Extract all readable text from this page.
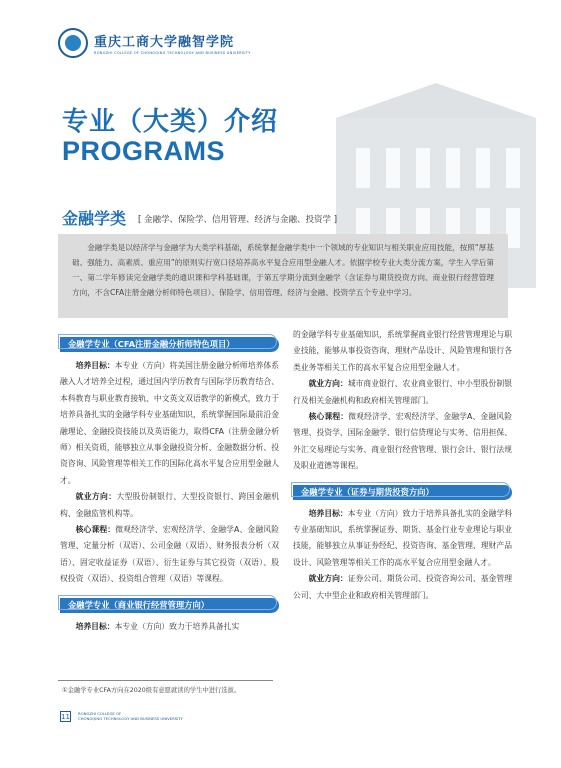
重庆工商大学融智学院
RONGZHI COLLEGE OF CHONGQING TECHNOLOGY AND BUSINESS UNIVERSITY
专业（大类）介绍
PROGRAMS
金融学类 [ 金融学、保险学、信用管理、经济与金融、投资学 ]
金融学类是以经济学与金融学为大类学科基础，系统掌握金融学类中一个领域的专业知识与相关职业应用技能，按照“厚基础、强能力、高素质、重应用”的原则实行宽口径培养高水平复合应用型金融人才。依据学校专业大类分流方案，学生入学后第一、第二学年修读完金融学类的通识课和学科基础课，于第五学期分流到金融学（含证券与期货投资方向、商业银行经营管理方向，不含CFA注册金融分析师特色项目）、保险学、信用管理、经济与金融、投资学五个专业中学习。
金融学专业（CFA注册金融分析师特色项目）

培养目标：本专业（方向）将美国注册金融分析师培养体系融入人才培养全过程，通过国内学历教育与国际学历教育结合、本科教育与职业教育接轨、中文英文双语教学的新模式，致力于培养具备扎实的金融学科专业基础知识，系统掌握国际最前沿金融理论、金融投资技能以及英语能力，取得CFA（注册金融分析师）相关资质，能够独立从事金融投资分析、金融数据分析、投资咨询、风险管理等相关工作的国际化高水平复合应用型金融人才。

就业方向：大型股份制银行、大型投资银行、跨国金融机构、金融监管机构等。

核心课程：微观经济学、宏观经济学、金融学A、金融风险管理、定量分析（双语）、公司金融（双语）、财务报表分析（双语）、固定收益证券（双语）、衍生证券与其它投资（双语）、股权投资（双语）、投资组合管理（双语）等课程。

金融学专业（商业银行经营管理方向）

培养目标：本专业（方向）致力于培养具备扎实

的金融学科专业基础知识，系统掌握商业银行经营管理理论与职业技能，能够从事投资咨询、理财产品设计、风险管理和银行各类业务等相关工作的高水平复合应用型金融人才。

就业方向：城市商业银行、农业商业银行、中小型股份制银行及相关金融机构和政府相关管理部门。

核心课程：微观经济学、宏观经济学、金融学A、金融风险管理、投资学、国际金融学、银行信贷理论与实务、信用担保、外汇交易理论与实务、商业银行经营管理、银行会计、银行法规及职业道德等课程。

金融学专业（证券与期货投资方向）

培养目标：本专业（方向）致力于培养具备扎实的金融学科专业基础知识，系统掌握证券、期货、基金行业专业理论与职业技能，能够独立从事证券经纪、投资咨询、基金管理、理财产品设计、风险管理等相关工作的高水平复合应用型金融人才。

就业方向：证券公司、期货公司、投资咨询公司、基金管理公司、大中型企业和政府相关管理部门。

①金融学专业CFA方向在2020级有意愿就读的学生中进行选拔。
11 RONGZHI COLLEGE OF
CHONGQING TECHNOLOGY AND BUSINESS UNIVERSITY
